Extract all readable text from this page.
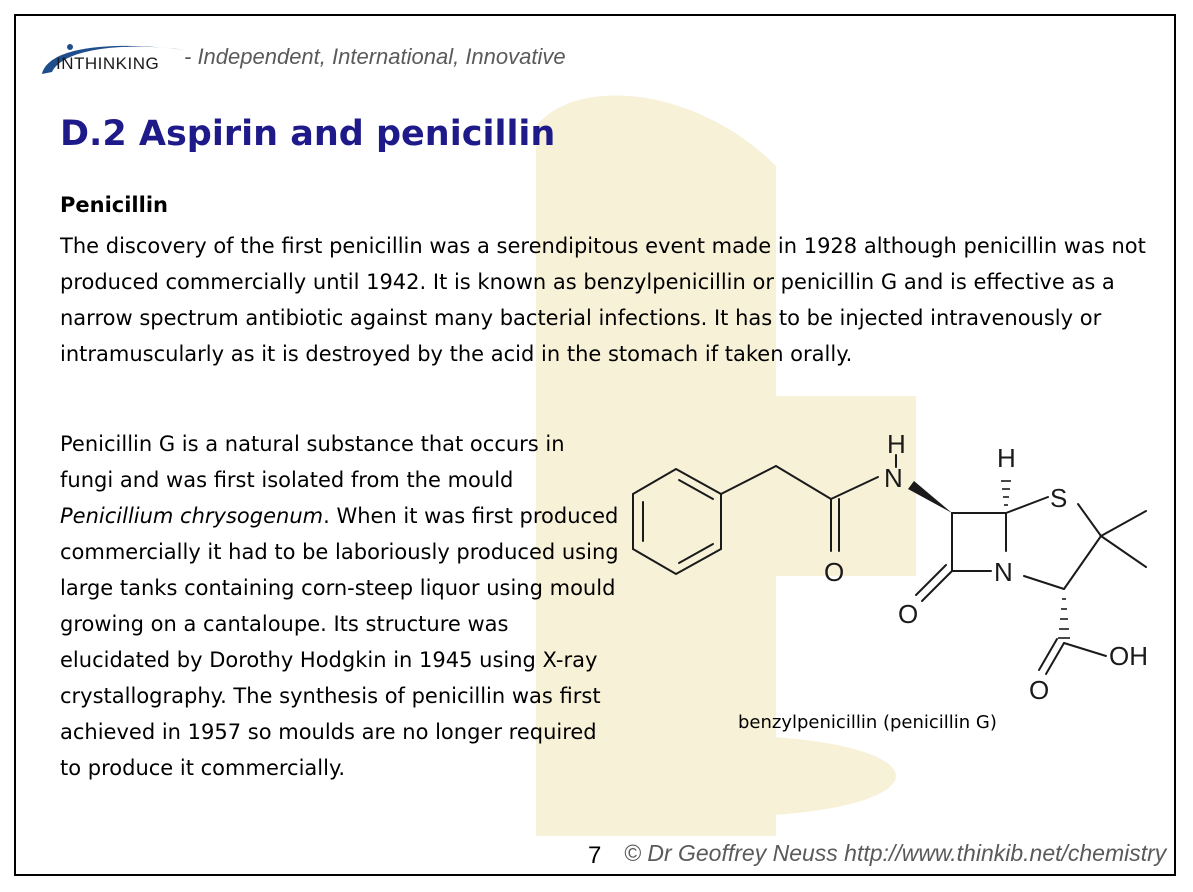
INTHINKING - Independent, International, Innovative
D.2 Aspirin and penicillin
Penicillin

The discovery of the first penicillin was a serendipitous event made in 1928 although penicillin was not produced commercially until 1942. It is known as benzylpenicillin or penicillin G and is effective as a narrow spectrum antibiotic against many bacterial infections. It has to be injected intravenously or intramuscularly as it is destroyed by the acid in the stomach if taken orally.

Penicillin G is a natural substance that occurs in fungi and was first isolated from the mould Penicillium chrysogenum. When it was first produced commercially it had to be laboriously produced using large tanks containing corn-steep liquor using mould growing on a cantaloupe. Its structure was elucidated by Dorothy Hodgkin in 1945 using X-ray crystallography. The synthesis of penicillin was first achieved in 1957 so moulds are no longer required to produce it commercially.

N
H	H
S
N
O
O
O
OH
benzylpenicillin (penicillin G)
7 © Dr Geoffrey Neuss http://www.thinkib.net/chemistry
